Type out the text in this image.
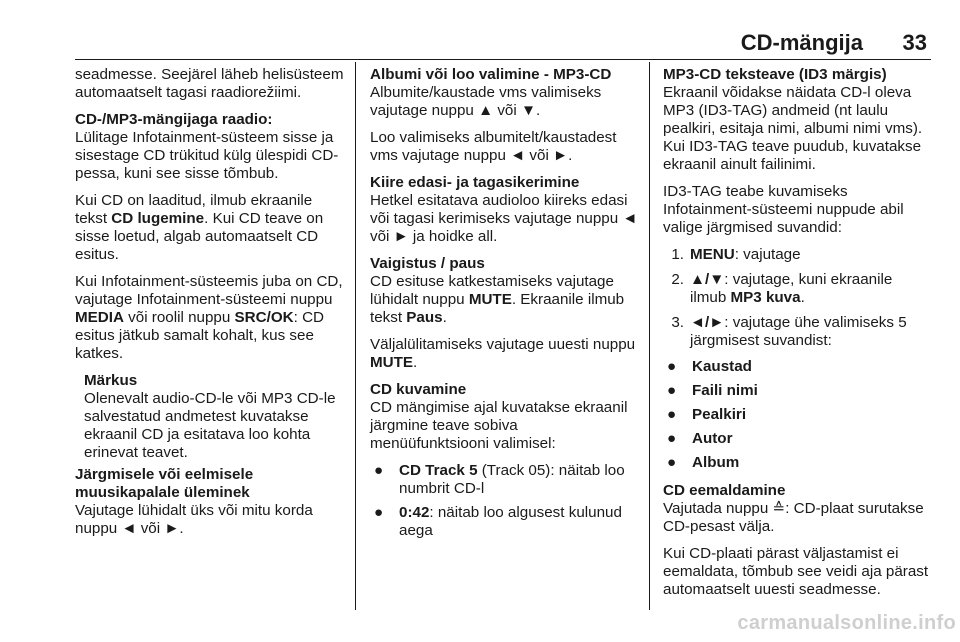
CD-mängija 33

seadmesse. Seejärel läheb helisüsteem automaatselt tagasi raadiorežiimi.

CD-/MP3-mängijaga raadio:

Lülitage Infotainment-süsteem sisse ja sisestage CD trükitud külg ülespidi CD-pessa, kuni see sisse tõmbub.

Kui CD on laaditud, ilmub ekraanile tekst CD lugemine. Kui CD teave on sisse loetud, algab automaatselt CD esitus.

Kui Infotainment-süsteemis juba on CD, vajutage Infotainment-süsteemi nuppu MEDIA või roolil nuppu SRC/OK: CD esitus jätkub samalt kohalt, kus see katkes.

Märkus

Olenevalt audio-CD-le või MP3 CD-le salvestatud andmetest kuvatakse ekraanil CD ja esitatava loo kohta erinevat teavet.

Järgmisele või eelmisele muusikapalale üleminek

Vajutage lühidalt üks või mitu korda nuppu ◄ või ►.

Albumi või loo valimine - MP3-CD

Albumite/kaustade vms valimiseks vajutage nuppu ▲ või ▼.

Loo valimiseks albumitelt/kaustadest vms vajutage nuppu ◄ või ►.

Kiire edasi- ja tagasikerimine

Hetkel esitatava audioloo kiireks edasi või tagasi kerimiseks vajutage nuppu ◄ või ► ja hoidke all.

Vaigistus / paus

CD esituse katkestamiseks vajutage lühidalt nuppu MUTE. Ekraanile ilmub tekst Paus.

Väljalülitamiseks vajutage uuesti nuppu MUTE.

CD kuvamine

CD mängimise ajal kuvatakse ekraanil järgmine teave sobiva menüüfunktsiooni valimisel:

●	CD Track 5 (Track 05): näitab loo numbrit CD-l
●	0:42: näitab loo algusest kulunud aega

MP3-CD teksteave (ID3 märgis)

Ekraanil võidakse näidata CD-l oleva MP3 (ID3-TAG) andmeid (nt laulu pealkiri, esitaja nimi, albumi nimi vms). Kui ID3-TAG teave puudub, kuvatakse ekraanil ainult failinimi.

ID3-TAG teabe kuvamiseks Infotainment-süsteemi nuppude abil valige järgmised suvandid:

1. MENU: vajutage
2. ▲/▼: vajutage, kuni ekraanile ilmub MP3 kuva.
3. ◄/►: vajutage ühe valimiseks 5 järgmisest suvandist:
●	Kaustad
●	Faili nimi
●	Pealkiri
●	Autor
●	Album

CD eemaldamine

Vajutada nuppu ≙: CD-plaat surutakse CD-pesast välja.

Kui CD-plaati pärast väljastamist ei eemaldata, tõmbub see veidi aja pärast automaatselt uuesti seadmesse.

carmanualsonline.info
